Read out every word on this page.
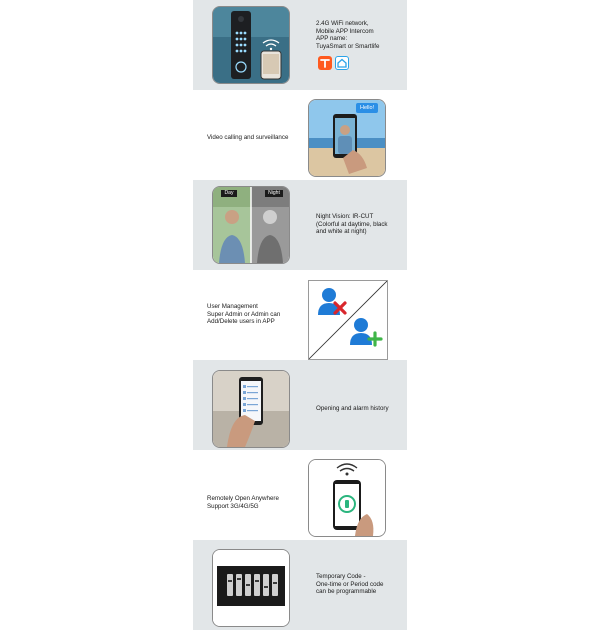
2.4G WiFi network,
Mobile APP Intercom
APP name:
TuyaSmart or Smartlife
Video calling and surveillance
Hello!
Day	Night
Night Vision: IR-CUT
(Colorful at daytime, black
and white at night)
User Management
Super Admin or Admin can
Add/Delete users in APP
Opening and alarm history
Remotely Open Anywhere
Support 3G/4G/5G
Temporary Code -
One-time or Period code
can be programmable
